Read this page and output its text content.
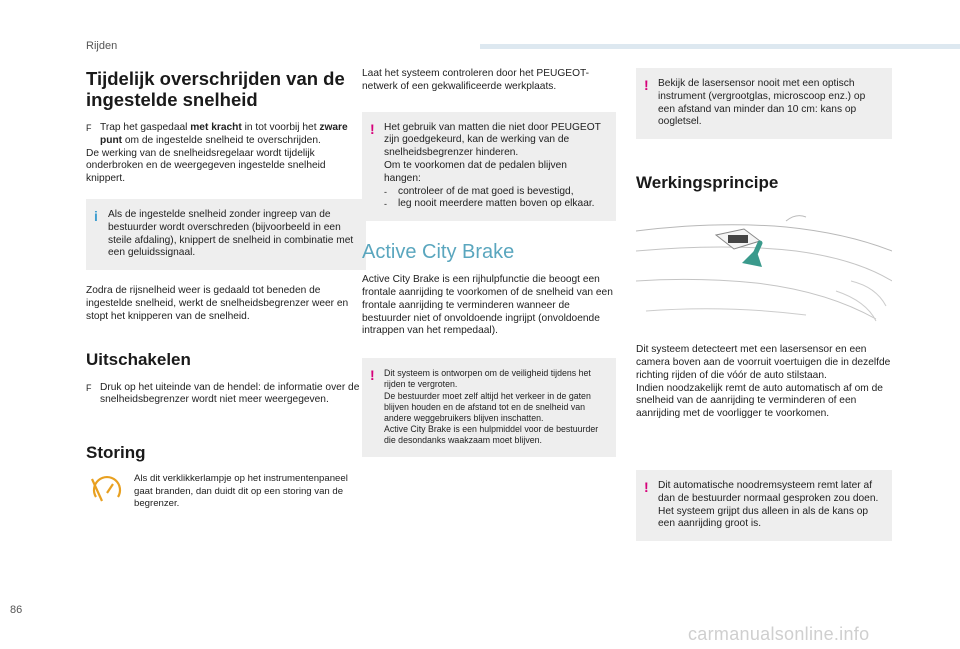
Rijden
Tijdelijk overschrijden van de
ingestelde snelheid
F Trap het gaspedaal met kracht in tot voorbij het zware punt om de ingestelde snelheid te overschrijden.

De werking van de snelheidsregelaar wordt tijdelijk onderbroken en de weergegeven ingestelde snelheid knippert.

i Als de ingestelde snelheid zonder ingreep van de bestuurder wordt overschreden (bijvoorbeeld in een steile afdaling), knippert de snelheid in combinatie met een geluidssignaal.

Zodra de rijsnelheid weer is gedaald tot beneden de ingestelde snelheid, werkt de snelheidsbegrenzer weer en stopt het knipperen van de snelheid.

Uitschakelen
F Druk op het uiteinde van de hendel: de informatie over de snelheidsbegrenzer wordt niet meer weergegeven.
Storing

Als dit verklikkerlampje op het instrumentenpaneel gaat branden, dan duidt dit op een storing van de begrenzer.

Laat het systeem controleren door het PEUGEOT-netwerk of een gekwalificeerde werkplaats.

! Het gebruik van matten die niet door PEUGEOT zijn goedgekeurd, kan de werking van de snelheidsbegrenzer hinderen.

Om te voorkomen dat de pedalen blijven hangen:

- controleer of de mat goed is bevestigd,
- leg nooit meerdere matten boven op elkaar.
Active City Brake

Active City Brake is een rijhulpfunctie die beoogt een frontale aanrijding te voorkomen of de snelheid van een frontale aanrijding te verminderen wanneer de bestuurder niet of onvoldoende ingrijpt (onvoldoende intrappen van het rempedaal).

! Dit systeem is ontworpen om de veiligheid tijdens het rijden te vergroten.

De bestuurder moet zelf altijd het verkeer in de gaten blijven houden en de afstand tot en de snelheid van andere weggebruikers blijven inschatten.

Active City Brake is een hulpmiddel voor de bestuurder die desondanks waakzaam moet blijven.

! Bekijk de lasersensor nooit met een optisch instrument (vergrootglas, microscoop enz.) op een afstand van minder dan 10 cm: kans op oogletsel.

Werkingsprincipe

Dit systeem detecteert met een lasersensor en een camera boven aan de voorruit voertuigen die in dezelfde richting rijden of die vóór de auto stilstaan.

Indien noodzakelijk remt de auto automatisch af om de snelheid van de aanrijding te verminderen of een aanrijding met de voorligger te voorkomen.

! Dit automatische noodremsysteem remt later af dan de bestuurder normaal gesproken zou doen. Het systeem grijpt dus alleen in als de kans op een aanrijding groot is.

86
carmanualsonline.info
